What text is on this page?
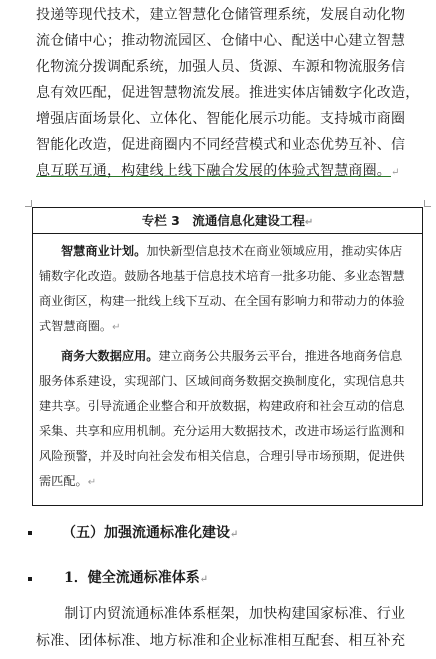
投递等现代技术，建立智慧化仓储管理系统，发展自动化物
流仓储中心；推动物流园区、仓储中心、配送中心建立智慧
化物流分拨调配系统，加强人员、货源、车源和物流服务信
息有效匹配，促进智慧物流发展。推进实体店铺数字化改造，
增强店面场景化、立体化、智能化展示功能。支持城市商圈
智能化改造，促进商圈内不同经营模式和业态优势互补、信
息互联互通，构建线上线下融合发展的体验式智慧商圈。↵
专栏 3　流通信息化建设工程↵
智慧商业计划。加快新型信息技术在商业领域应用，推动实体店
铺数字化改造。鼓励各地基于信息技术培育一批多功能、多业态智慧
商业街区，构建一批线上线下互动、在全国有影响力和带动力的体验
式智慧商圈。↵
商务大数据应用。建立商务公共服务云平台，推进各地商务信息
服务体系建设，实现部门、区域间商务数据交换制度化，实现信息共
建共享。引导流通企业整合和开放数据，构建政府和社会互动的信息
采集、共享和应用机制。充分运用大数据技术，改进市场运行监测和
风险预警，并及时向社会发布相关信息，合理引导市场预期，促进供
需匹配。↵
（五）加强流通标准化建设↵
1．健全流通标准体系↵
　　制订内贸流通标准体系框架，加快构建国家标准、行业
标准、团体标准、地方标准和企业标准相互配套、相互补充
